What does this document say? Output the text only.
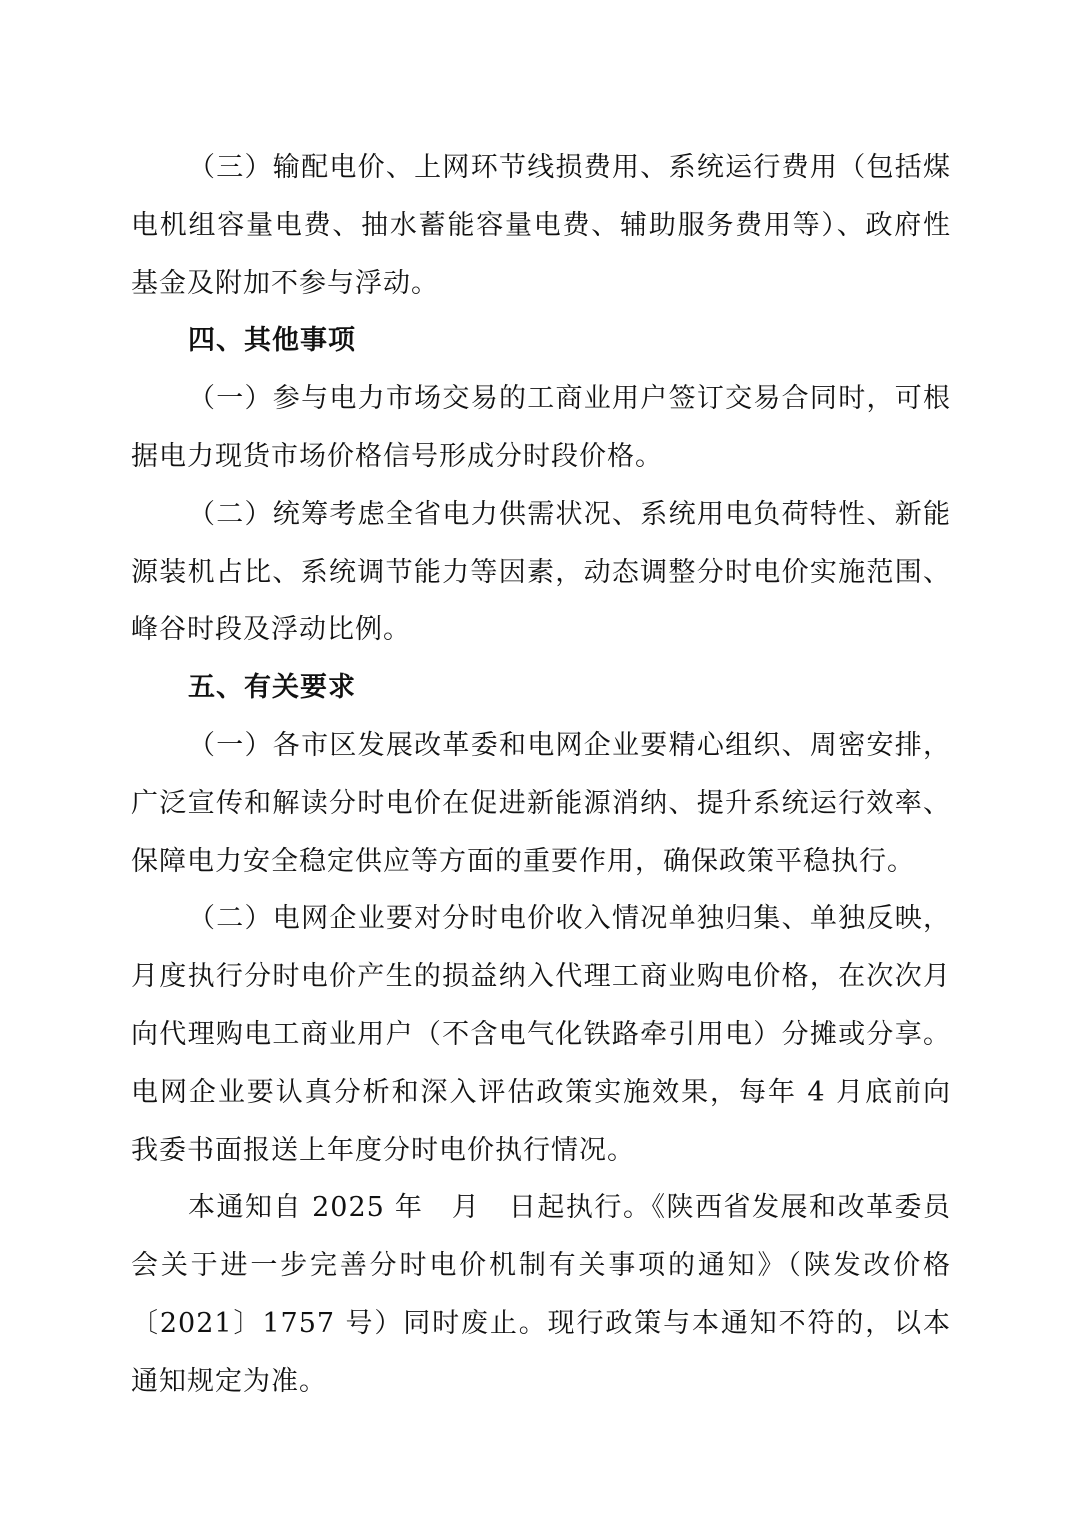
（三）输配电价、上网环节线损费用、系统运行费用（包括煤电机组容量电费、抽水蓄能容量电费、辅助服务费用等）、政府性基金及附加不参与浮动。

四、其他事项

（一）参与电力市场交易的工商业用户签订交易合同时，可根据电力现货市场价格信号形成分时段价格。

（二）统筹考虑全省电力供需状况、系统用电负荷特性、新能源装机占比、系统调节能力等因素，动态调整分时电价实施范围、峰谷时段及浮动比例。

五、有关要求

（一）各市区发展改革委和电网企业要精心组织、周密安排，广泛宣传和解读分时电价在促进新能源消纳、提升系统运行效率、保障电力安全稳定供应等方面的重要作用，确保政策平稳执行。

（二）电网企业要对分时电价收入情况单独归集、单独反映，月度执行分时电价产生的损益纳入代理工商业购电价格，在次次月向代理购电工商业用户（不含电气化铁路牵引用电）分摊或分享。电网企业要认真分析和深入评估政策实施效果，每年 4 月底前向我委书面报送上年度分时电价执行情况。

本通知自 2025 年　月　日起执行。《陕西省发展和改革委员会关于进一步完善分时电价机制有关事项的通知》（陕发改价格〔2021〕1757 号）同时废止。现行政策与本通知不符的，以本通知规定为准。
